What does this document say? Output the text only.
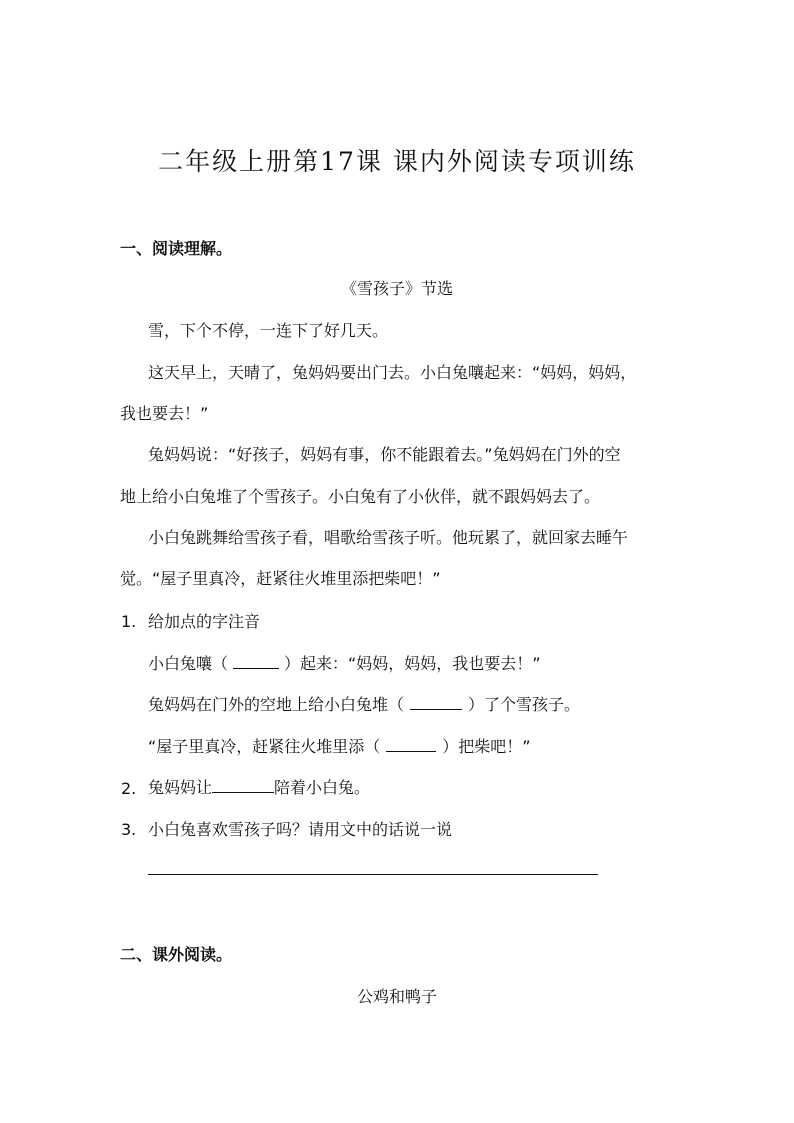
二年级上册第17课 课内外阅读专项训练
一、阅读理解。
《雪孩子》节选
雪，下个不停，一连下了好几天。
这天早上，天晴了，兔妈妈要出门去。小白兔嚷起来：“妈妈，妈妈，
我也要去！”
兔妈妈说：“好孩子，妈妈有事，你不能跟着去。”兔妈妈在门外的空
地上给小白兔堆了个雪孩子。小白兔有了小伙伴，就不跟妈妈去了。
小白兔跳舞给雪孩子看，唱歌给雪孩子听。他玩累了，就回家去睡午
觉。“屋子里真冷，赶紧往火堆里添把柴吧！”
1. 给加点的字注音
小白兔嚷（	）起来：“妈妈，妈妈，我也要去！”
兔妈妈在门外的空地上给小白兔堆（	）了个雪孩子。
“屋子里真冷，赶紧往火堆里添（	）把柴吧！”
2. 兔妈妈让	陪着小白兔。
3. 小白兔喜欢雪孩子吗？请用文中的话说一说
二、课外阅读。
公鸡和鸭子
